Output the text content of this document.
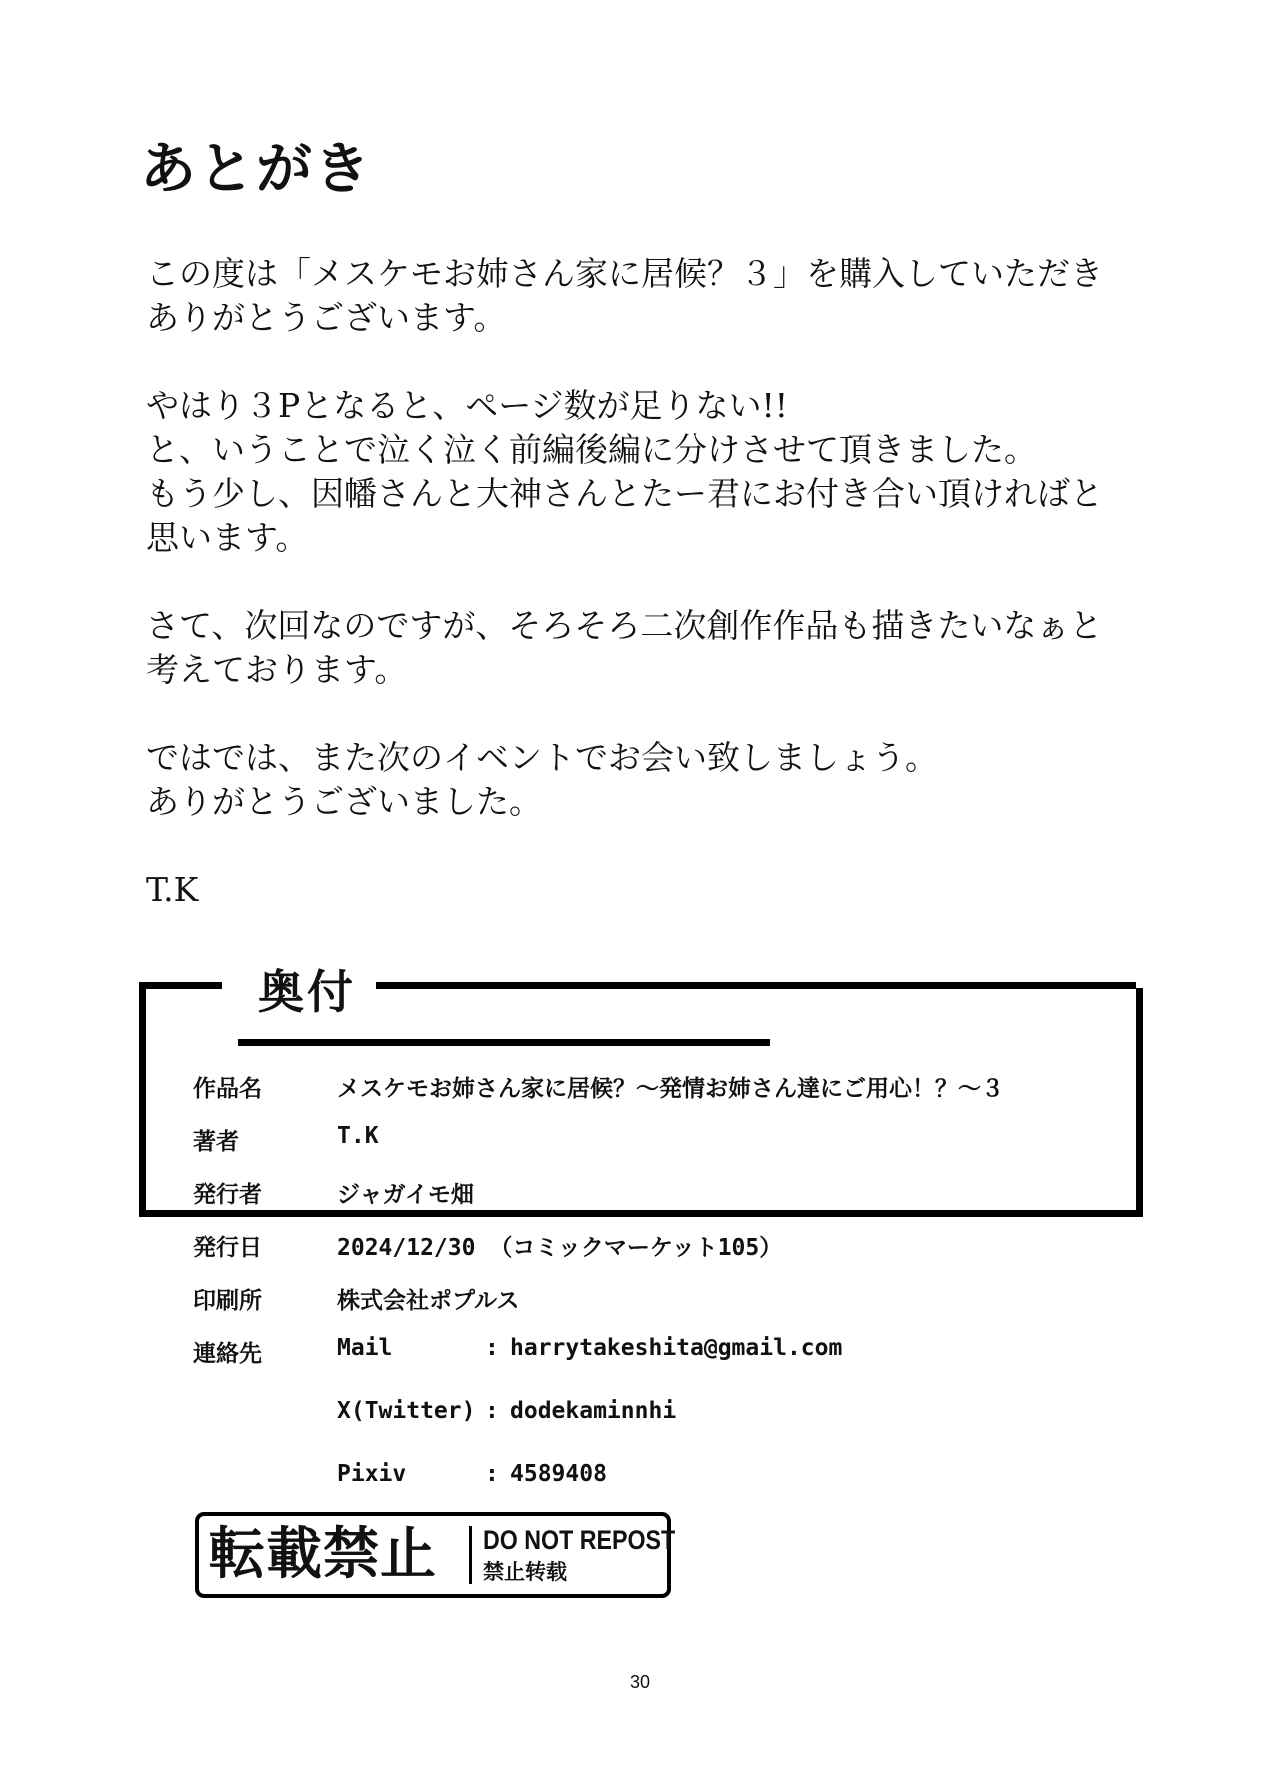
あとがき
この度は「メスケモお姉さん家に居候？３」を購入していただき
ありがとうございます。
やはり３Pとなると、ページ数が足りない!!
と、いうことで泣く泣く前編後編に分けさせて頂きました。
もう少し、因幡さんと大神さんとたー君にお付き合い頂ければと
思います。
さて、次回なのですが、そろそろ二次創作作品も描きたいなぁと
考えております。
ではでは、また次のイベントでお会い致しましょう。
ありがとうございました。

T.K

奥付
作品名	メスケモお姉さん家に居候？～発情お姉さん達にご用心！？～３
著者	T.K
発行者	ジャガイモ畑
発行日	2024/12/30 （コミックマーケット105）
印刷所	株式会社ポプルス
連絡先	Mail	: harrytakeshita@gmail.com
X(Twitter) : dodekaminnhi
Pixiv	: 4589408
転載禁止 DO NOT REPOST
禁止转载
30
